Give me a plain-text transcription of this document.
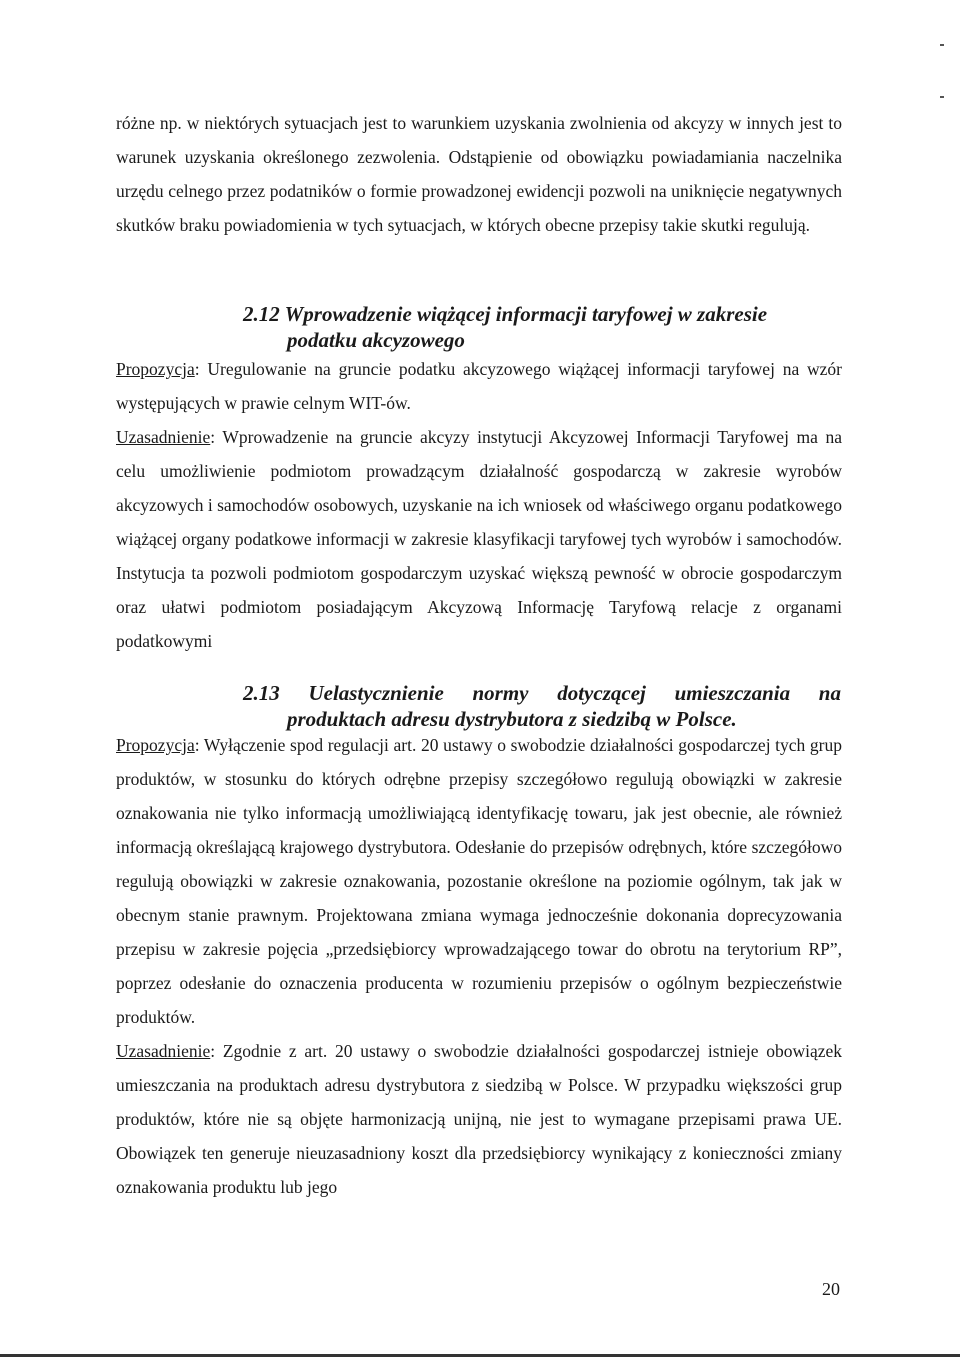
różne np. w niektórych sytuacjach jest to warunkiem uzyskania zwolnienia od akcyzy w innych jest to warunek uzyskania określonego zezwolenia. Odstąpienie od obowiązku powiadamiania naczelnika urzędu celnego przez podatników o formie prowadzonej ewidencji pozwoli na uniknięcie negatywnych skutków braku powiadomienia w tych sytuacjach, w których obecne przepisy takie skutki regulują.

2.12 Wprowadzenie wiążącej informacji taryfowej w zakresie
podatku akcyzowego

Propozycja: Uregulowanie na gruncie podatku akcyzowego wiążącej informacji taryfowej na wzór występujących w prawie celnym WIT-ów.

Uzasadnienie: Wprowadzenie na gruncie akcyzy instytucji Akcyzowej Informacji Taryfowej ma na celu umożliwienie podmiotom prowadzącym działalność gospodarczą w zakresie wyrobów akcyzowych i samochodów osobowych, uzyskanie na ich wniosek od właściwego organu podatkowego wiążącej organy podatkowe informacji w zakresie klasyfikacji taryfowej tych wyrobów i samochodów. Instytucja ta pozwoli podmiotom gospodarczym uzyskać większą pewność w obrocie gospodarczym oraz ułatwi podmiotom posiadającym Akcyzową Informację Taryfową relacje z organami podatkowymi

2.13 Uelastycznienie normy dotyczącej umieszczania na
produktach adresu dystrybutora z siedzibą w Polsce.

Propozycja: Wyłączenie spod regulacji art. 20 ustawy o swobodzie działalności gospodarczej tych grup produktów, w stosunku do których odrębne przepisy szczegółowo regulują obowiązki w zakresie oznakowania nie tylko informacją umożliwiającą identyfikację towaru, jak jest obecnie, ale również informacją określającą krajowego dystrybutora. Odesłanie do przepisów odrębnych, które szczegółowo regulują obowiązki w zakresie oznakowania, pozostanie określone na poziomie ogólnym, tak jak w obecnym stanie prawnym. Projektowana zmiana wymaga jednocześnie dokonania doprecyzowania przepisu w zakresie pojęcia „przedsiębiorcy wprowadzającego towar do obrotu na terytorium RP”, poprzez odesłanie do oznaczenia producenta w rozumieniu przepisów o ogólnym bezpieczeństwie produktów.

Uzasadnienie: Zgodnie z art. 20 ustawy o swobodzie działalności gospodarczej istnieje obowiązek umieszczania na produktach adresu dystrybutora z siedzibą w Polsce. W przypadku większości grup produktów, które nie są objęte harmonizacją unijną, nie jest to wymagane przepisami prawa UE. Obowiązek ten generuje nieuzasadniony koszt dla przedsiębiorcy wynikający z konieczności zmiany oznakowania produktu lub jego

20
